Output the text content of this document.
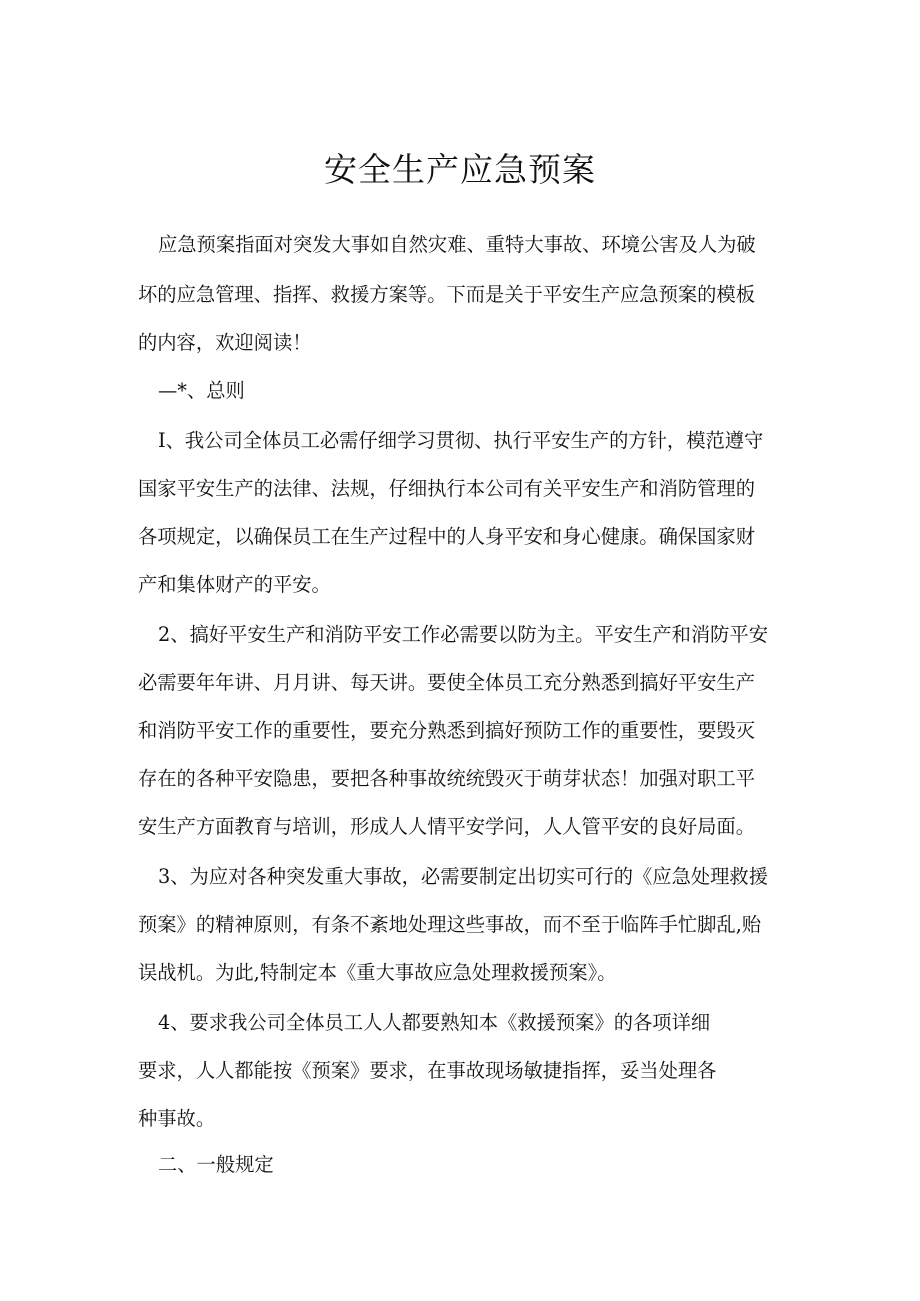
安全生产应急预案
应急预案指面对突发大事如自然灾难、重特大事故、环境公害及人为破
坏的应急管理、指挥、救援方案等。下而是关于平安生产应急预案的模板
的内容，欢迎阅读！
—*、总则
I、我公司全体员工必需仔细学习贯彻、执行平安生产的方针，模范遵守
国家平安生产的法律、法规，仔细执行本公司有关平安生产和消防管理的
各项规定，以确保员工在生产过程中的人身平安和身心健康。确保国家财
产和集体财产的平安。
2、搞好平安生产和消防平安工作必需要以防为主。平安生产和消防平安
必需要年年讲、月月讲、每天讲。要使全体员工充分熟悉到搞好平安生产
和消防平安工作的重要性，要充分熟悉到搞好预防工作的重要性，要毁灭
存在的各种平安隐患，要把各种事故统统毁灭于萌芽状态！加强对职工平
安生产方面教育与培训，形成人人情平安学问，人人管平安的良好局面。
3、为应对各种突发重大事故，必需要制定出切实可行的《应急处理救援
预案》的精神原则，有条不紊地处理这些事故，而不至于临阵手忙脚乱,贻
误战机。为此,特制定本《重大事故应急处理救援预案》。
4、要求我公司全体员工人人都要熟知本《救援预案》的各项详细
要求，人人都能按《预案》要求，在事故现场敏捷指挥，妥当处理各
种事故。
二、一般规定
